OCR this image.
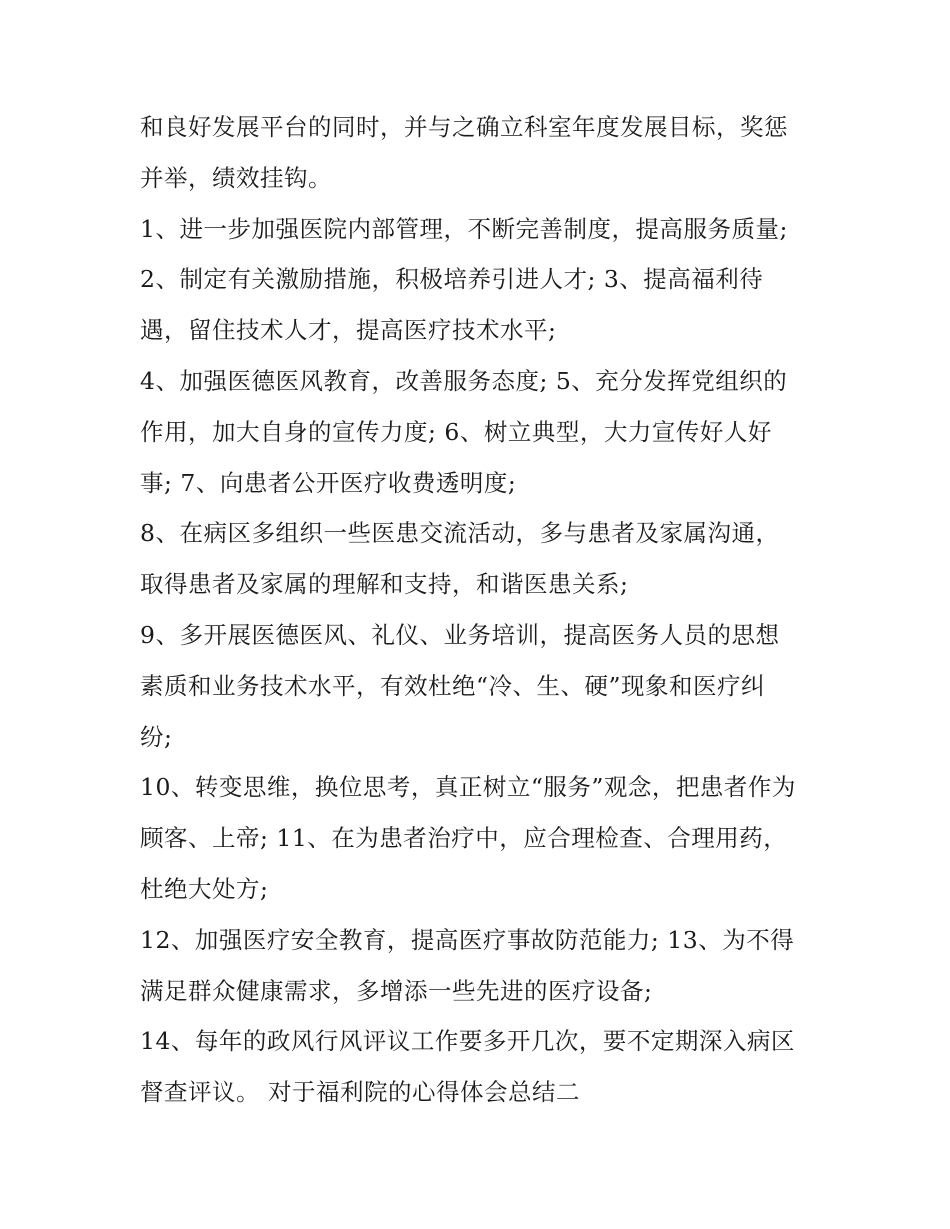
和良好发展平台的同时，并与之确立科室年度发展目标，奖惩
并举，绩效挂钩。
1、进一步加强医院内部管理，不断完善制度，提高服务质量;
2、制定有关激励措施，积极培养引进人才; 3、提高福利待
遇，留住技术人才，提高医疗技术水平;
4、加强医德医风教育，改善服务态度; 5、充分发挥党组织的
作用，加大自身的宣传力度; 6、树立典型，大力宣传好人好
事; 7、向患者公开医疗收费透明度;
8、在病区多组织一些医患交流活动，多与患者及家属沟通，
取得患者及家属的理解和支持，和谐医患关系;
9、多开展医德医风、礼仪、业务培训，提高医务人员的思想
素质和业务技术水平，有效杜绝“冷、生、硬”现象和医疗纠
纷;
10、转变思维，换位思考，真正树立“服务”观念，把患者作为
顾客、上帝; 11、在为患者治疗中，应合理检查、合理用药，
杜绝大处方;
12、加强医疗安全教育，提高医疗事故防范能力; 13、为不得
满足群众健康需求，多增添一些先进的医疗设备;
14、每年的政风行风评议工作要多开几次，要不定期深入病区
督查评议。 对于福利院的心得体会总结二
